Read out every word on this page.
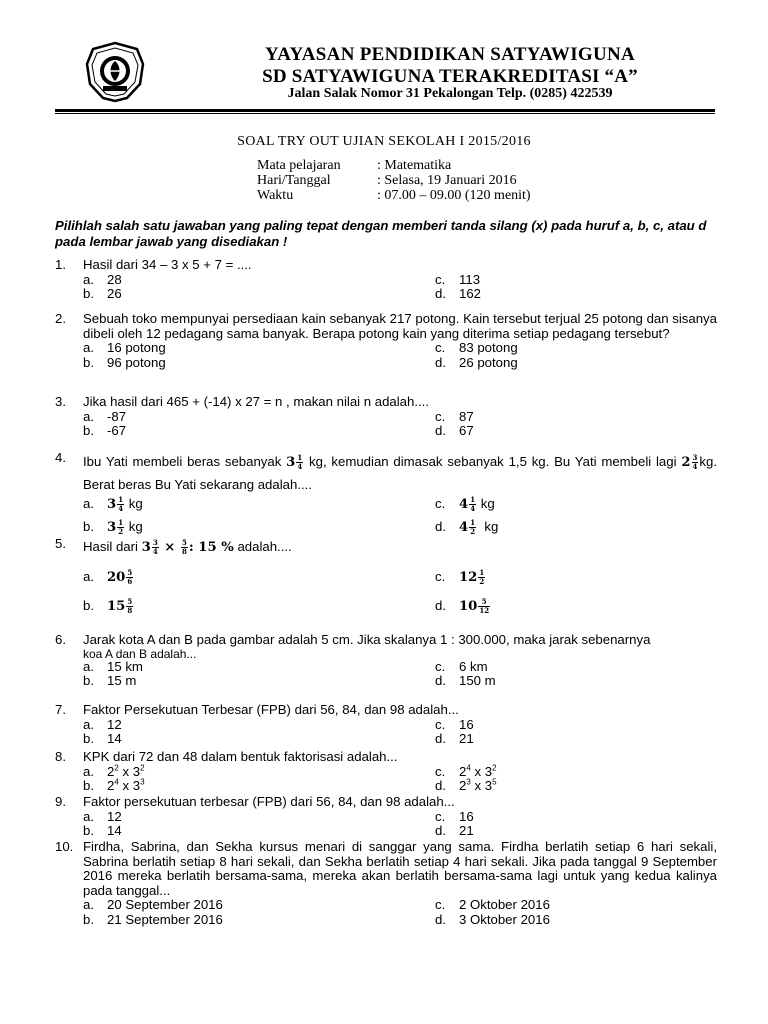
YAYASAN PENDIDIKAN SATYAWIGUNA
SD SATYAWIGUNA TERAKREDITASI “A”
Jalan Salak Nomor 31 Pekalongan Telp. (0285) 422539
SOAL TRY OUT UJIAN SEKOLAH I 2015/2016
Mata pelajaran	: Matematika
Hari/Tanggal	: Selasa, 19 Januari 2016
Waktu	: 07.00 – 09.00 (120 menit)
Pilihlah salah satu jawaban yang paling tepat dengan memberi tanda silang (x) pada huruf a, b, c, atau d pada lembar jawab yang disediakan !
1.	Hasil dari 34 – 3 x 5 + 7 = ....
a. 28
b. 26
c. 113
d. 162
2.	Sebuah toko mempunyai persediaan kain sebanyak 217 potong. Kain tersebut terjual 25 potong dan sisanya dibeli oleh 12 pedagang sama banyak. Berapa potong kain yang diterima setiap pedagang tersebut?
a. 16 potong
b. 96 potong
c. 83 potong
d. 26 potong
3.	Jika hasil dari 465 + (-14) x 27 = n , makan nilai n adalah....
a. -87
b. -67
c. 87
d. 67
4.	Ibu Yati membeli beras sebanyak $3 \frac{1}{4}$ kg, kemudian dimasak sebanyak 1,5 kg. Bu Yati membeli lagi $2 \frac{3}{4}$ kg. Berat beras Bu Yati sekarang adalah....
a. $3 \frac{1}{4}$ kg
b. $3 \frac{1}{2}$ kg
c. $4 \frac{1}{4}$ kg
d. $4 \frac{1}{2}$ kg
5.	Hasil dari $3 \frac{3}{4} \times \frac{5}{8}$ : 15 % adalah....
a. $20 \frac{5}{6}$
b. $15 \frac{5}{8}$
c. $12 \frac{1}{2}$
d. $10 \frac{5}{12}$
6.	Jarak kota A dan B pada gambar adalah 5 cm. Jika skalanya 1 : 300.000, maka jarak sebenarnya
koa A dan B adalah...
a. 15 km
b. 15 m
c. 6 km
d. 150 m
7.	Faktor Persekutuan Terbesar (FPB) dari 56, 84, dan 98 adalah...
a. 12
b. 14
c. 16
d. 21
8.	KPK dari 72 dan 48 dalam bentuk faktorisasi adalah...
a. $2^2$ x $3^2$
b. $2^4$ x $3^3$
c. $2^4$ x $3^2$
d. $2^3$ x $3^5$
9.	Faktor persekutuan terbesar (FPB) dari 56, 84, dan 98 adalah...
a. 12
b. 14
c. 16
d. 21
10. Firdha, Sabrina, dan Sekha kursus menari di sanggar yang sama. Firdha berlatih setiap 6 hari sekali, Sabrina berlatih setiap 8 hari sekali, dan Sekha berlatih setiap 4 hari sekali. Jika pada tanggal 9 September 2016 mereka berlatih bersama-sama, mereka akan berlatih bersama-sama lagi untuk yang kedua kalinya pada tanggal...
a. 20 September 2016
b. 21 September 2016
c. 2 Oktober 2016
d. 3 Oktober 2016
